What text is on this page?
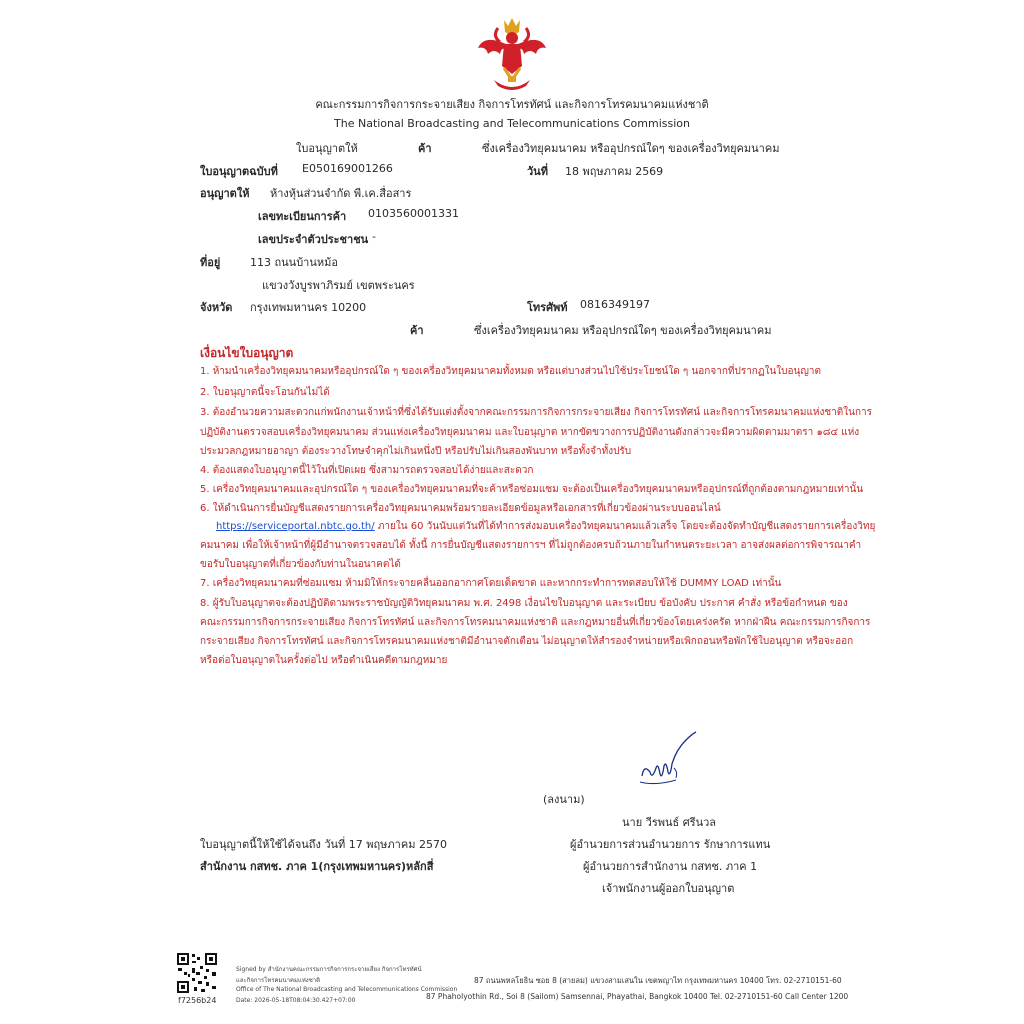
คณะกรรมการกิจการกระจายเสียง กิจการโทรทัศน์ และกิจการโทรคมนาคมแห่งชาติ
The National Broadcasting and Telecommunications Commission
ใบอนุญาตให้	ค้า	ซึ่งเครื่องวิทยุคมนาคม หรืออุปกรณ์ใดๆ ของเครื่องวิทยุคมนาคม
ใบอนุญาตฉบับที่ E050169001266	วันที่ 18 พฤษภาคม 2569
อนุญาตให้ ห้างหุ้นส่วนจำกัด พี.เค.สื่อสาร
เลขทะเบียนการค้า 0103560001331
เลขประจำตัวประชาชน -
ที่อยู่	113 ถนนบ้านหม้อ
แขวงวังบูรพาภิรมย์ เขตพระนคร
จังหวัด กรุงเทพมหานคร 10200	โทรศัพท์ 0816349197
ค้า	ซึ่งเครื่องวิทยุคมนาคม หรืออุปกรณ์ใดๆ ของเครื่องวิทยุคมนาคม
เงื่อนไขใบอนุญาต
1. ห้ามนำเครื่องวิทยุคมนาคมหรืออุปกรณ์ใด ๆ ของเครื่องวิทยุคมนาคมทั้งหมด หรือแต่บางส่วนไปใช้ประโยชน์ใด ๆ นอกจากที่ปรากฏในใบอนุญาต
2. ใบอนุญาตนี้จะโอนกันไม่ได้
3. ต้องอำนวยความสะดวกแก่พนักงานเจ้าหน้าที่ซึ่งได้รับแต่งตั้งจากคณะกรรมการกิจการกระจายเสียง กิจการโทรทัศน์ และกิจการโทรคมนาคมแห่งชาติในการ
ปฏิบัติงานตรวจสอบเครื่องวิทยุคมนาคม ส่วนแห่งเครื่องวิทยุคมนาคม และใบอนุญาต หากขัดขวางการปฏิบัติงานดังกล่าวจะมีความผิดตามมาตรา ๑๘๔ แห่ง
ประมวลกฎหมายอาญา ต้องระวางโทษจำคุกไม่เกินหนึ่งปี หรือปรับไม่เกินสองพันบาท หรือทั้งจำทั้งปรับ
4. ต้องแสดงใบอนุญาตนี้ไว้ในที่เปิดเผย ซึ่งสามารถตรวจสอบได้ง่ายและสะดวก
5. เครื่องวิทยุคมนาคมและอุปกรณ์ใด ๆ ของเครื่องวิทยุคมนาคมที่จะค้าหรือซ่อมแซม จะต้องเป็นเครื่องวิทยุคมนาคมหรืออุปกรณ์ที่ถูกต้องตามกฎหมายเท่านั้น
6. ให้ดำเนินการยื่นบัญชีแสดงรายการเครื่องวิทยุคมนาคมพร้อมรายละเอียดข้อมูลหรือเอกสารที่เกี่ยวข้องผ่านระบบออนไลน์
https://serviceportal.nbtc.go.th/ ภายใน 60 วันนับแต่วันที่ได้ทำการส่งมอบเครื่องวิทยุคมนาคมแล้วเสร็จ โดยจะต้องจัดทำบัญชีแสดงรายการเครื่องวิทยุ
คมนาคม เพื่อให้เจ้าหน้าที่ผู้มีอำนาจตรวจสอบได้ ทั้งนี้ การยื่นบัญชีแสดงรายการฯ ที่ไม่ถูกต้องครบถ้วนภายในกำหนดระยะเวลา อาจส่งผลต่อการพิจารณาคำ
ขอรับใบอนุญาตที่เกี่ยวข้องกับท่านในอนาคตได้
7. เครื่องวิทยุคมนาคมที่ซ่อมแซม ห้ามมิให้กระจายคลื่นออกอากาศโดยเด็ดขาด และหากกระทำการทดสอบให้ใช้ DUMMY LOAD เท่านั้น
8. ผู้รับใบอนุญาตจะต้องปฏิบัติตามพระราชบัญญัติวิทยุคมนาคม พ.ศ. 2498 เงื่อนไขใบอนุญาต และระเบียบ ข้อบังคับ ประกาศ คำสั่ง หรือข้อกำหนด ของ
คณะกรรมการกิจการกระจายเสียง กิจการโทรทัศน์ และกิจการโทรคมนาคมแห่งชาติ และกฎหมายอื่นที่เกี่ยวข้องโดยเคร่งครัด หากฝ่าฝืน คณะกรรมการกิจการ
กระจายเสียง กิจการโทรทัศน์ และกิจการโทรคมนาคมแห่งชาติมีอำนาจตักเตือน ไม่อนุญาตให้สำรองจำหน่ายหรือเพิกถอนหรือพักใช้ใบอนุญาต หรือจะออก
หรือต่อใบอนุญาตในครั้งต่อไป หรือดำเนินคดีตามกฎหมาย
(ลงนาม)
นาย วีรพนธ์ ศรีนวล
ผู้อำนวยการส่วนอำนวยการ รักษาการแทน
ผู้อำนวยการสำนักงาน กสทช. ภาค 1
เจ้าพนักงานผู้ออกใบอนุญาต
ใบอนุญาตนี้ให้ใช้ได้จนถึง วันที่ 17 พฤษภาคม 2570
สำนักงาน กสทช. ภาค 1(กรุงเทพมหานคร)หลักสี่
f7256b24
Signed by สำนักงานคณะกรรมการกิจการกระจายเสียง กิจการโทรทัศน์
และกิจการโทรคมนาคมแห่งชาติ
Office of The National Broadcasting and Telecommunications Commission
Date: 2026-05-18T08:04:30.427+07:00
87 ถนนพหลโยธิน ซอย 8 (สายลม) แขวงสามเสนใน เขตพญาไท กรุงเทพมหานคร 10400 โทร. 02-2710151-60
87 Phaholyothin Rd., Soi 8 (Sailom) Samsennai, Phayathai, Bangkok 10400 Tel. 02-2710151-60 Call Center 1200
